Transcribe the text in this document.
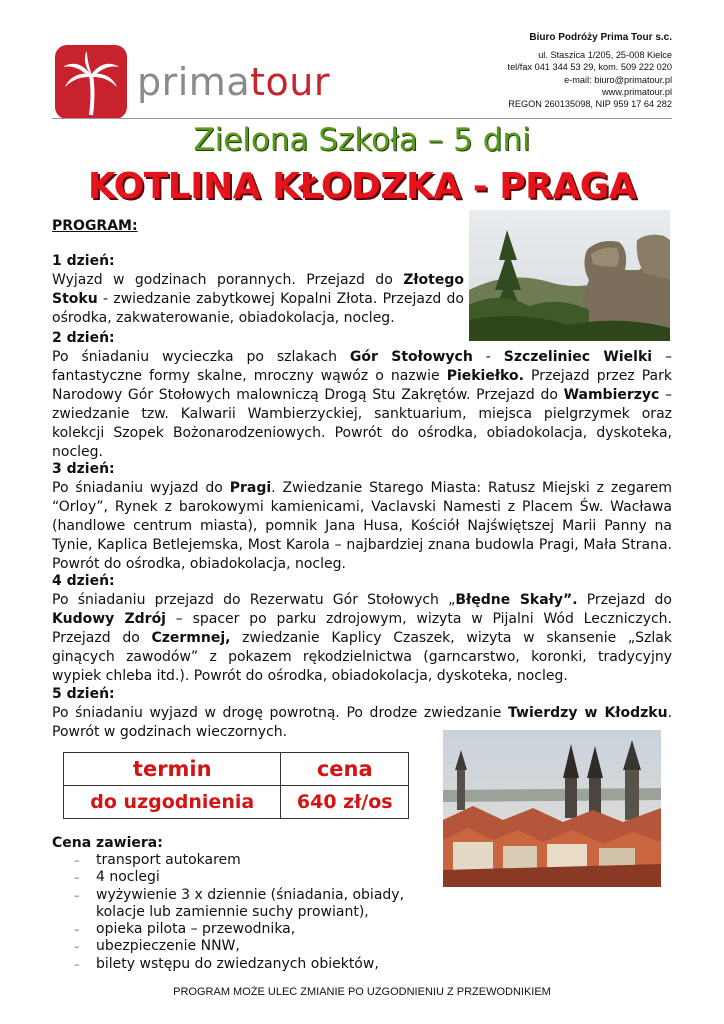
primatour
Biuro Podróży Prima Tour s.c.
ul. Staszica 1/205, 25-008 Kielce
tel/fax 041 344 53 29, kom. 509 222 020
e-mail: biuro@primatour.pl
www.primatour.pl
REGON 260135098, NIP 959 17 64 282
Zielona Szkoła – 5 dni
KOTLINA KŁODZKA - PRAGA
PROGRAM:
1 dzień:
Wyjazd w godzinach porannych. Przejazd do Złotego Stoku - zwiedzanie zabytkowej Kopalni Złota. Przejazd do ośrodka, zakwaterowanie, obiadokolacja, nocleg.
2 dzień:
Po śniadaniu wycieczka po szlakach Gór Stołowych - Szczeliniec Wielki – fantastyczne formy skalne, mroczny wąwóz o nazwie Piekiełko. Przejazd przez Park Narodowy Gór Stołowych malowniczą Drogą Stu Zakrętów. Przejazd do Wambierzyc – zwiedzanie tzw. Kalwarii Wambierzyckiej, sanktuarium, miejsca pielgrzymek oraz kolekcji Szopek Bożonarodzeniowych. Powrót do ośrodka, obiadokolacja, dyskoteka, nocleg.
3 dzień:
Po śniadaniu wyjazd do Pragi. Zwiedzanie Starego Miasta: Ratusz Miejski z zegarem “Orloy”, Rynek z barokowymi kamienicami, Vaclavski Namesti z Placem Św. Wacława (handlowe centrum miasta), pomnik Jana Husa, Kościół Najświętszej Marii Panny na Tynie, Kaplica Betlejemska, Most Karola – najbardziej znana budowla Pragi, Mała Strana. Powrót do ośrodka, obiadokolacja, nocleg.
4 dzień:
Po śniadaniu przejazd do Rezerwatu Gór Stołowych „Błędne Skały”. Przejazd do Kudowy Zdrój – spacer po parku zdrojowym, wizyta w Pijalni Wód Leczniczych. Przejazd do Czermnej, zwiedzanie Kaplicy Czaszek, wizyta w skansenie „Szlak ginących zawodów” z pokazem rękodzielnictwa (garncarstwo, koronki, tradycyjny wypiek chleba itd.). Powrót do ośrodka, obiadokolacja, dyskoteka, nocleg.
5 dzień:
Po śniadaniu wyjazd w drogę powrotną. Po drodze zwiedzanie Twierdzy w Kłodzku. Powrót w godzinach wieczornych.
termin	cena
do uzgodnienia	640 zł/os
Cena zawiera:
– transport autokarem
– 4 noclegi
– wyżywienie 3 x dziennie (śniadania, obiady,
kolacje lub zamiennie suchy prowiant),
– opieka pilota – przewodnika,
– ubezpieczenie NNW,
– bilety wstępu do zwiedzanych obiektów,
PROGRAM MOŻE ULEC ZMIANIE PO UZGODNIENIU Z PRZEWODNIKIEM
